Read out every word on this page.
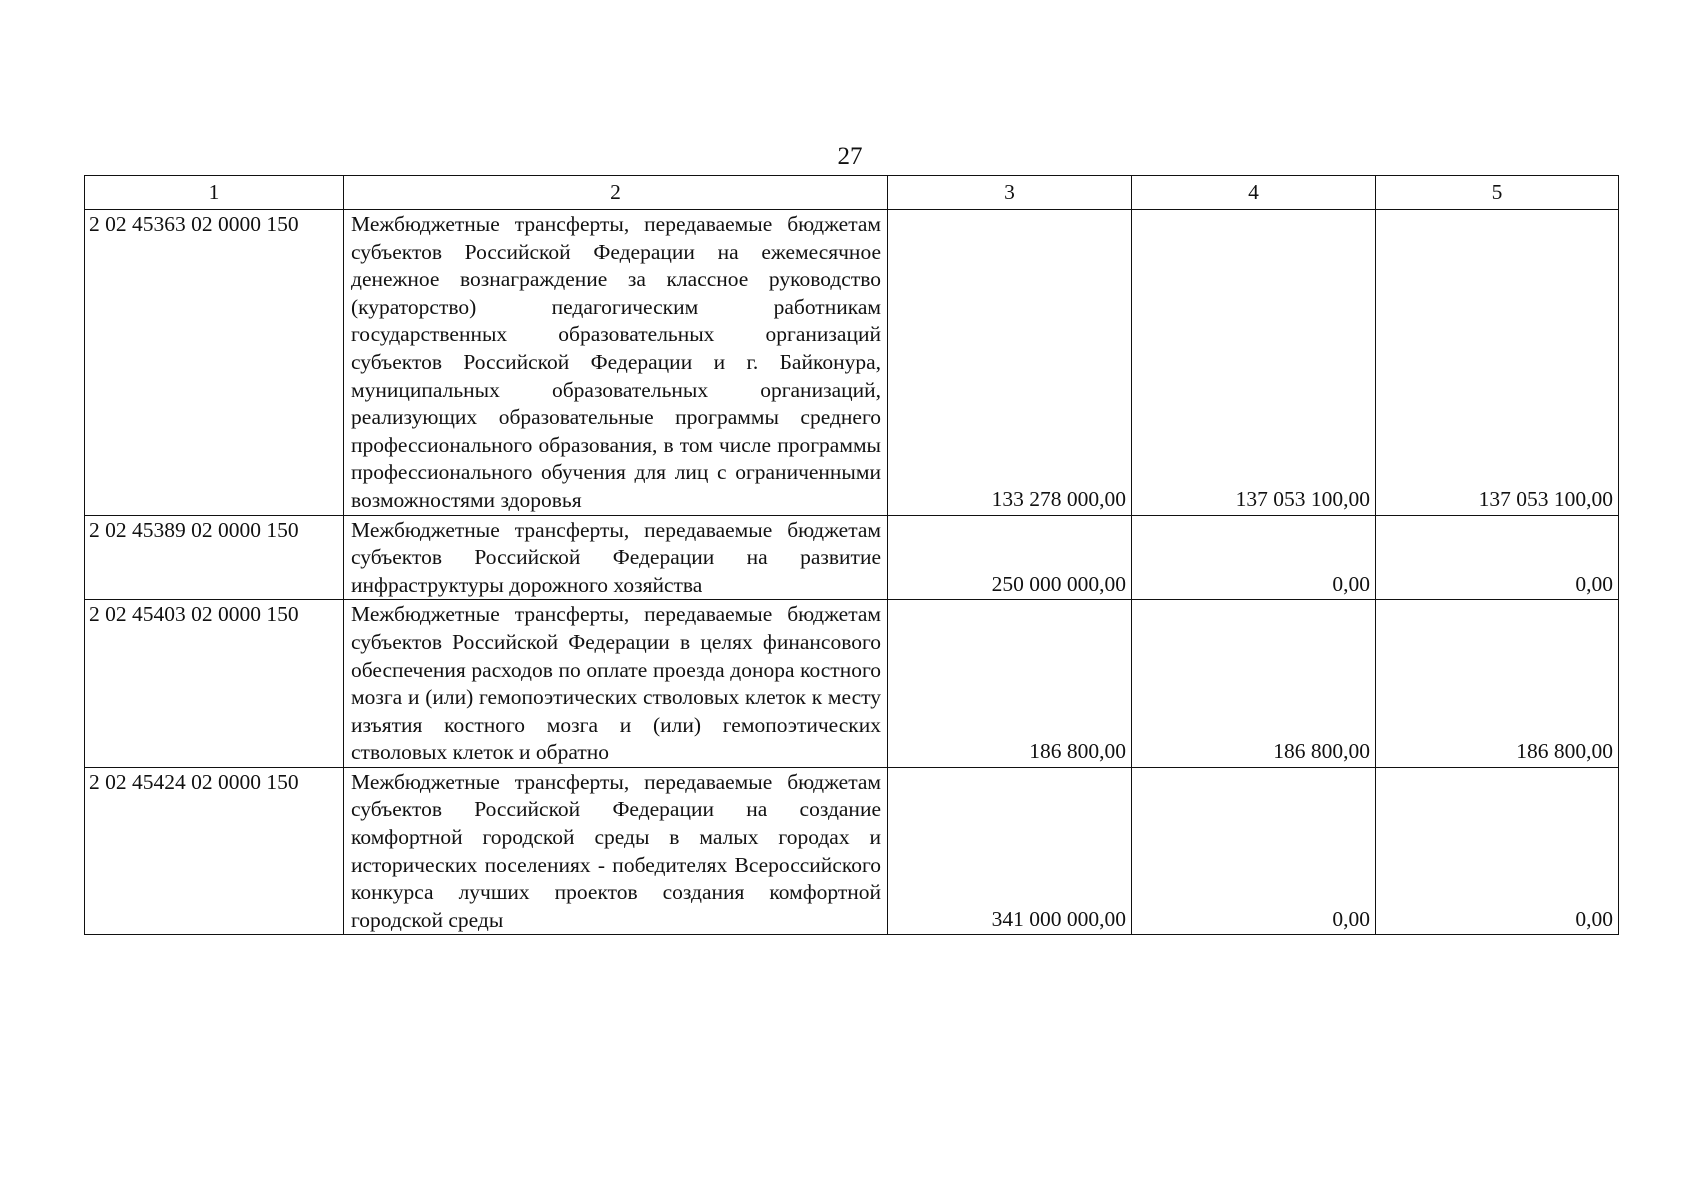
27
1	2	3	4	5
2 02 45363 02 0000 150	Межбюджетные трансферты, передаваемые бюджетам субъектов Российской Федерации на ежемесячное денежное вознаграждение за классное руководство (кураторство) педагогическим работникам государственных образовательных организаций субъектов Российской Федерации и г. Байконура, муниципальных образовательных организаций, реализующих образовательные программы среднего профессионального образования, в том числе программы профессионального обучения для лиц с ограниченными возможностями здоровья	133 278 000,00	137 053 100,00	137 053 100,00
2 02 45389 02 0000 150	Межбюджетные трансферты, передаваемые бюджетам субъектов Российской Федерации на развитие инфраструктуры дорожного хозяйства	250 000 000,00	0,00	0,00
2 02 45403 02 0000 150	Межбюджетные трансферты, передаваемые бюджетам субъектов Российской Федерации в целях финансового обеспечения расходов по оплате проезда донора костного мозга и (или) гемопоэтических стволовых клеток к месту изъятия костного мозга и (или) гемопоэтических стволовых клеток и обратно	186 800,00	186 800,00	186 800,00
2 02 45424 02 0000 150	Межбюджетные трансферты, передаваемые бюджетам субъектов Российской Федерации на создание комфортной городской среды в малых городах и исторических поселениях - победителях Всероссийского конкурса лучших проектов создания комфортной городской среды	341 000 000,00	0,00	0,00
